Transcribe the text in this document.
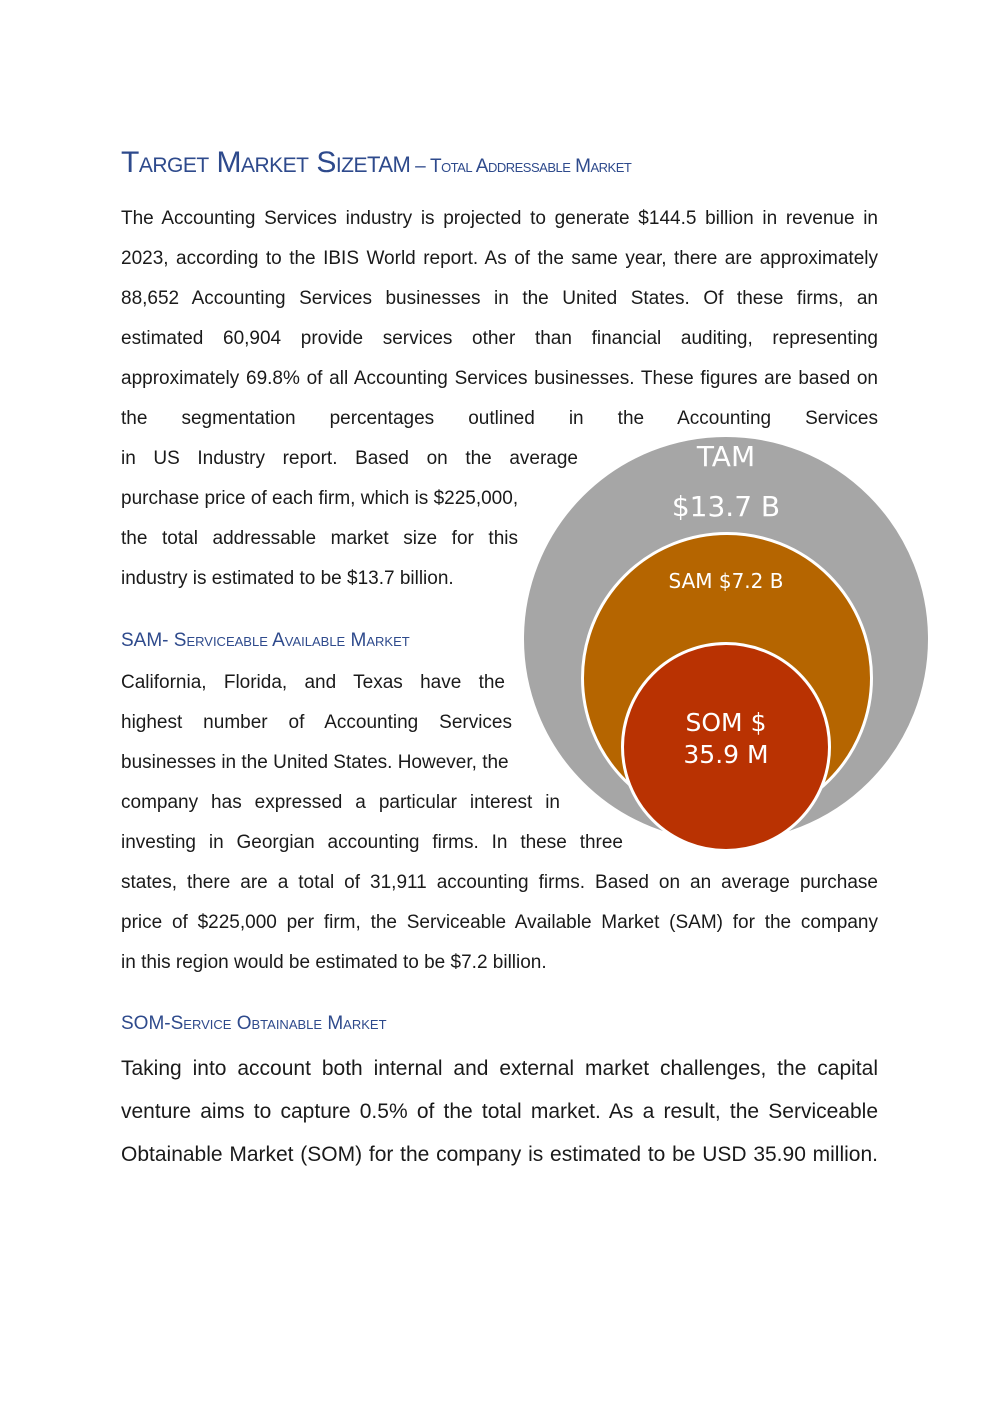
Target Market SizeTAM – Total Addressable Market
The Accounting Services industry is projected to generate $144.5 billion in revenue in
2023, according to the IBIS World report. As of the same year, there are approximately
88,652 Accounting Services businesses in the United States. Of these firms, an
estimated 60,904 provide services other than financial auditing, representing
approximately 69.8% of all Accounting Services businesses. These figures are based on
the segmentation percentages outlined in the Accounting Services
in US Industry report. Based on the average
purchase price of each firm, which is $225,000,
the total addressable market size for this
industry is estimated to be $13.7 billion.
SAM- Serviceable Available Market
California, Florida, and Texas have the
highest number of Accounting Services
businesses in the United States. However, the
company has expressed a particular interest in
investing in Georgian accounting firms. In these three
states, there are a total of 31,911 accounting firms. Based on an average purchase
price of $225,000 per firm, the Serviceable Available Market (SAM) for the company
in this region would be estimated to be $7.2 billion.
SOM-Service Obtainable Market
Taking into account both internal and external market challenges, the capital
venture aims to capture 0.5% of the total market. As a result, the Serviceable
Obtainable Market (SOM) for the company is estimated to be USD 35.90 million.
TAM
$13.7 B
SAM $7.2 B
SOM $
35.9 M
